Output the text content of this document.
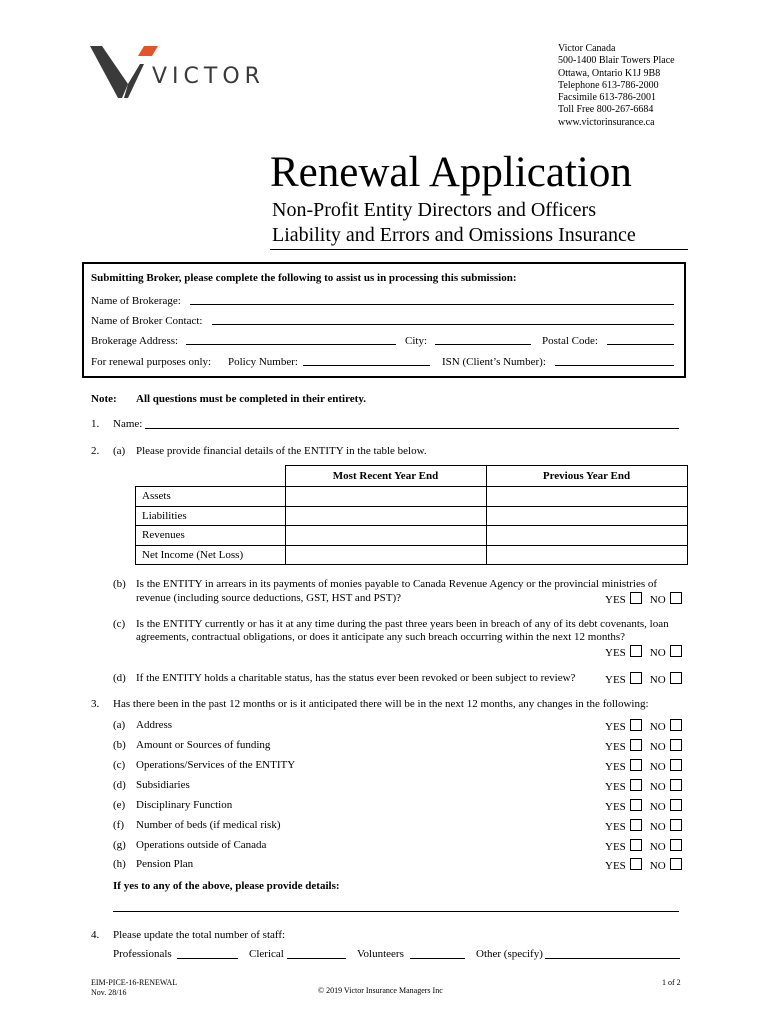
VICTOR
Victor Canada
500-1400 Blair Towers Place
Ottawa, Ontario K1J 9B8
Telephone 613-786-2000
Facsimile 613-786-2001
Toll Free 800-267-6684
www.victorinsurance.ca
Renewal Application
Non-Profit Entity Directors and Officers
Liability and Errors and Omissions Insurance
Submitting Broker, please complete the following to assist us in processing this submission:
Name of Brokerage:
Name of Broker Contact:
Brokerage Address:	City:	Postal Code:
For renewal purposes only: Policy Number:	ISN (Client’s Number):
Note: All questions must be completed in their entirety.
1. Name:
2. (a) Please provide financial details of the ENTITY in the table below.
	Most Recent Year End	Previous Year End
Assets		
Liabilities		
Revenues		
Net Income (Net Loss)		
(b) Is the ENTITY in arrears in its payments of monies payable to Canada Revenue Agency or the provincial ministries of
revenue (including source deductions, GST, HST and PST)?	YES NO
(c) Is the ENTITY currently or has it at any time during the past three years been in breach of any of its debt covenants, loan
agreements, contractual obligations, or does it anticipate any such breach occurring within the next 12 months?
YES NO
(d) If the ENTITY holds a charitable status, has the status ever been revoked or been subject to review?	YES NO
3. Has there been in the past 12 months or is it anticipated there will be in the next 12 months, any changes in the following:
(a) Address	YES NO
(b) Amount or Sources of funding	YES NO
(c) Operations/Services of the ENTITY	YES NO
(d) Subsidiaries	YES NO
(e) Disciplinary Function	YES NO
(f) Number of beds (if medical risk)	YES NO
(g) Operations outside of Canada	YES NO
(h) Pension Plan	YES NO
If yes to any of the above, please provide details:
4. Please update the total number of staff:
Professionals	Clerical	Volunteers	Other (specify)
EIM-PICE-16-RENEWAL
Nov. 28/16	© 2019 Victor Insurance Managers Inc
1 of 2
